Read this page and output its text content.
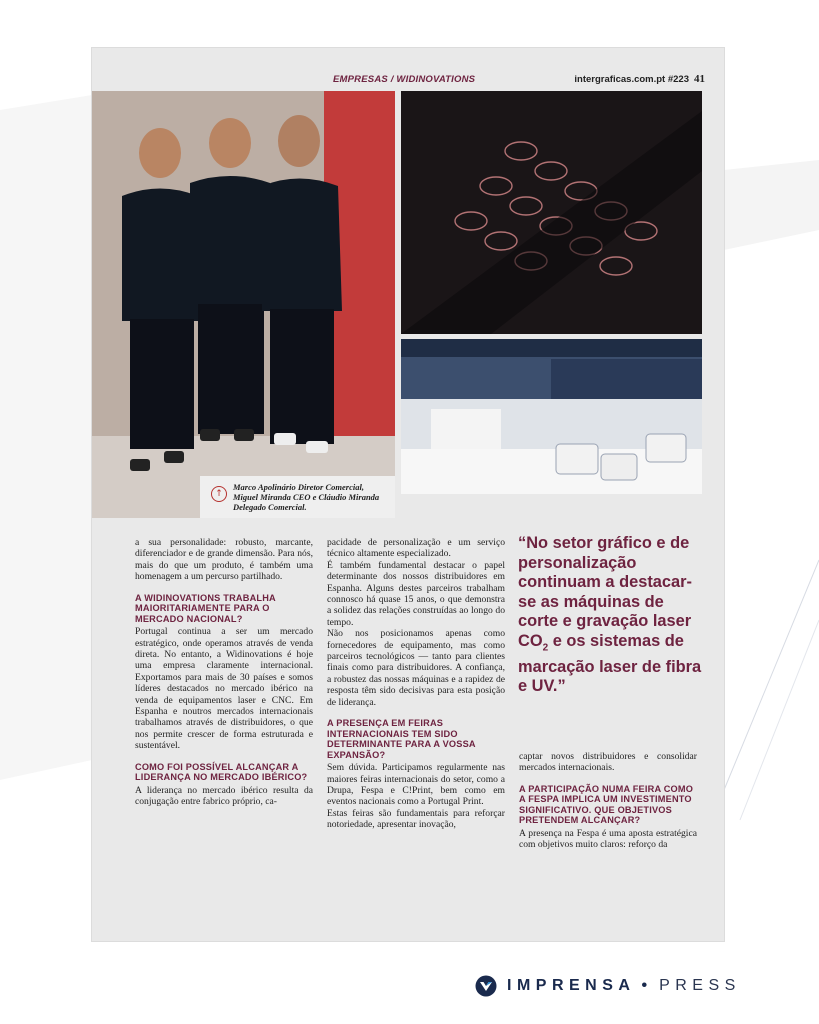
EMPRESAS / WIDINOVATIONS	intergraficas.com.pt #223 41
↑
Marco Apolinário Diretor Comercial, Miguel Miranda CEO e Cláudio Miranda Delegado Comercial.

a sua personalidade: robusto, marcante, diferenciador e de grande dimensão. Para nós, mais do que um produto, é também uma homenagem a um percurso partilhado.

A WIDINOVATIONS TRABALHA MAIORITARIAMENTE PARA O MERCADO NACIONAL?

Portugal continua a ser um mercado estratégico, onde operamos através de venda direta. No entanto, a Widinovations é hoje uma empresa claramente internacional. Exportamos para mais de 30 países e somos líderes destacados no mercado ibérico na venda de equipamentos laser e CNC. Em Espanha e noutros mercados internacionais trabalhamos através de distribuidores, o que nos permite crescer de forma estruturada e sustentável.

COMO FOI POSSÍVEL ALCANÇAR A LIDERANÇA NO MERCADO IBÉRICO?

A liderança no mercado ibérico resulta da conjugação entre fabrico próprio, ca-

pacidade de personalização e um serviço técnico altamente especializado.

É também fundamental destacar o papel determinante dos nossos distribuidores em Espanha. Alguns destes parceiros trabalham connosco há quase 15 anos, o que demonstra a solidez das relações construídas ao longo do tempo.

Não nos posicionamos apenas como fornecedores de equipamento, mas como parceiros tecnológicos — tanto para clientes finais como para distribuidores. A confiança, a robustez das nossas máquinas e a rapidez de resposta têm sido decisivas para esta posição de liderança.

A PRESENÇA EM FEIRAS INTERNACIONAIS TEM SIDO DETERMINANTE PARA A VOSSA EXPANSÃO?

Sem dúvida. Participamos regularmente nas maiores feiras internacionais do setor, como a Drupa, Fespa e C!Print, bem como em eventos nacionais como a Portugal Print.

Estas feiras são fundamentais para reforçar notoriedade, apresentar inovação,

“No setor gráfico e de personalização continuam a destacar-se as máquinas de corte e gravação laser $CO_2$ e os sistemas de marcação laser de fibra e UV.”

captar novos distribuidores e consolidar mercados internacionais.

A PARTICIPAÇÃO NUMA FEIRA COMO A FESPA IMPLICA UM INVESTIMENTO SIGNIFICATIVO. QUE OBJETIVOS PRETENDEM ALCANÇAR?

A presença na Fespa é uma aposta estratégica com objetivos muito claros: reforço da

IMPRENSA • PRESS
